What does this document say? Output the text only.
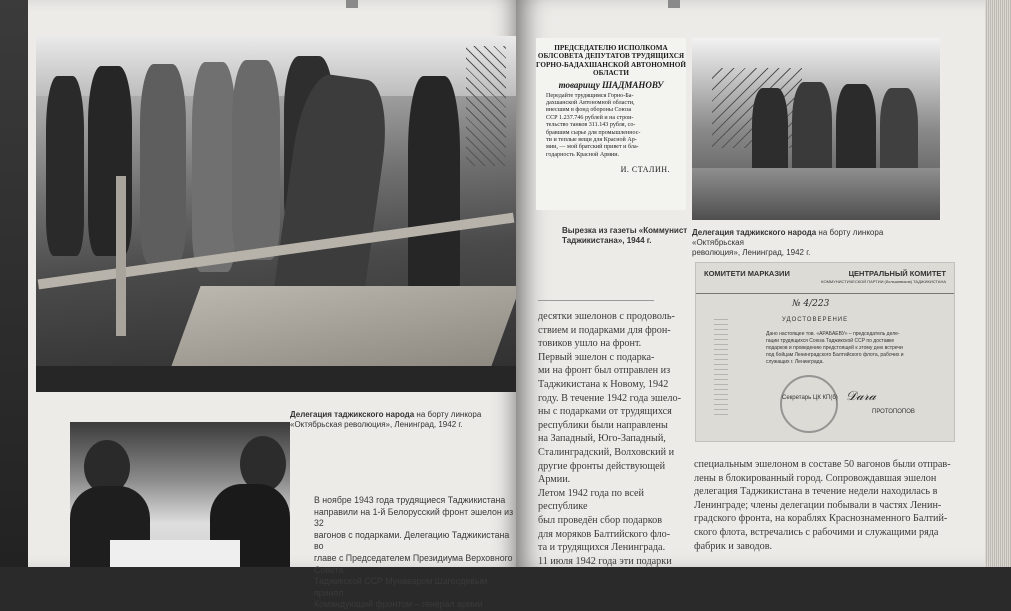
Делегация таджикского народа на борту линкора
«Октябрьская революция», Ленинград, 1942 г.
В ноябре 1943 года трудящиеся Таджикистана
направили на 1-й Белорусский фронт эшелон из 32
вагонов с подарками. Делегацию Таджикистана во
главе с Председателем Президиума Верховного Совета
Таджикской ССР Мунаваром Шагоодевым принял
Командующий фронтом – генерал армии
ПРЕДСЕДАТЕЛЮ ИСПОЛКОМА
ОБЛСОВЕТА ДЕПУТАТОВ ТРУДЯЩИХСЯ
ГОРНО-БАДАХШАНСКОЙ АВТОНОМНОЙ
ОБЛАСТИ
товарищу ШАДМАНОВУ
Передайте трудящимся Горно-Ба-
дахшанской Автономной области,
внесшим в фонд обороны Союза
ССР 1.237.746 рублей и на строи-
тельство танков 311.143 рубля, со-
бравшим сырье для промышленнос-
ти и теплые вещи для Красной Ар-
мии, — мой братский привет и бла-
годарность Красной Армии.
И. СТАЛИН.
Вырезка из газеты «Коммунист
Таджикистана», 1944 г.
Делегация таджикского народа на борту линкора «Октябрьская
революция», Ленинград, 1942 г.
десятки эшелонов с продоволь-
ствием и подарками для фрон-
товиков ушло на фронт.
Первый эшелон с подарка-
ми на фронт был отправлен из
Таджикистана к Новому, 1942
году. В течение 1942 года эшело-
ны с подарками от трудящихся
республики были направлены
на Западный, Юго-Западный,
Сталинградский, Волховский и
другие фронты действующей
Армии.
Летом 1942 года по всей республике
был проведён сбор подарков
для моряков Балтийского фло-
та и трудящихся Ленинграда.
11 июля 1942 года эти подарки
КОМИТЕТИ МАРКАЗИИ	ЦЕНТРАЛЬНЫЙ КОМИТЕТ
КОММУНИСТИЧЕСКОЙ ПАРТИИ (большевиков) ТАДЖИКИСТАНА
№ 4/223
УДОСТОВЕРЕНИЕ
Дано настоящее тов. «АРАБАЕВУ» – председатель деле-
гации трудящихся Союза Таджикской ССР по доставке
подарков и проведению предстоящей к этому дню встречи
под бойцам Ленинградского Балтийского флота, рабочих и
служащих г. Ленинграда.
Секретарь ЦК КП(б) 𝒟𝒶𝓇𝒶
ПРОТОПОПОВ
специальным эшелоном в составе 50 вагонов были отправ-
лены в блокированный город. Сопровождавшая эшелон
делегация Таджикистана в течение недели находилась в
Ленинграде; члены делегации побывали в частях Ленин-
градского фронта, на кораблях Краснознаменного Балтий-
ского флота, встречались с рабочими и служащими ряда
фабрик и заводов.
